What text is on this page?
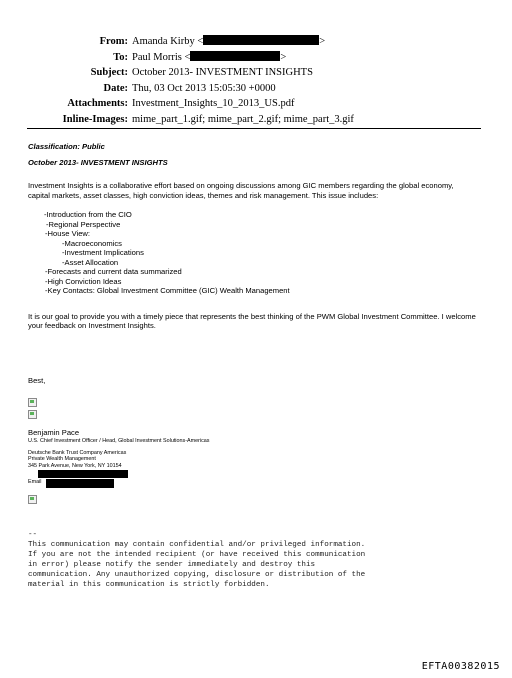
From: Amanda Kirby <	>
To: Paul Morris <	>
Subject: October 2013- INVESTMENT INSIGHTS
Date: Thu, 03 Oct 2013 15:05:30 +0000
Attachments: Investment_Insights_10_2013_US.pdf
Inline-Images: mime_part_1.gif; mime_part_2.gif; mime_part_3.gif

Classification: Public

October 2013- INVESTMENT INSIGHTS

Investment Insights is a collaborative effort based on ongoing discussions among GIC members regarding the global economy, capital markets, asset classes, high conviction ideas, themes and risk management. This issue includes:

-Introduction from the CIO
-Regional Perspective
-House View:
-Macroeconomics
-Investment Implications
-Asset Allocation
-Forecasts and current data summarized
-High Conviction Ideas
-Key Contacts: Global Investment Committee (GIC) Wealth Management

It is our goal to provide you with a timely piece that represents the best thinking of the PWM Global Investment Committee. I welcome your feedback on Investment Insights.

Best,

Benjamin Pace

U.S. Chief Investment Officer / Head, Global Investment Solutions-Americas

Deutsche Bank Trust Company Americas

Private Wealth Management

345 Park Avenue, New York, NY 10154

Email
--
This communication may contain confidential and/or privileged information.
If you are not the intended recipient (or have received this communication
in error) please notify the sender immediately and destroy this
communication. Any unauthorized copying, disclosure or distribution of the
material in this communication is strictly forbidden.
EFTA00382015
